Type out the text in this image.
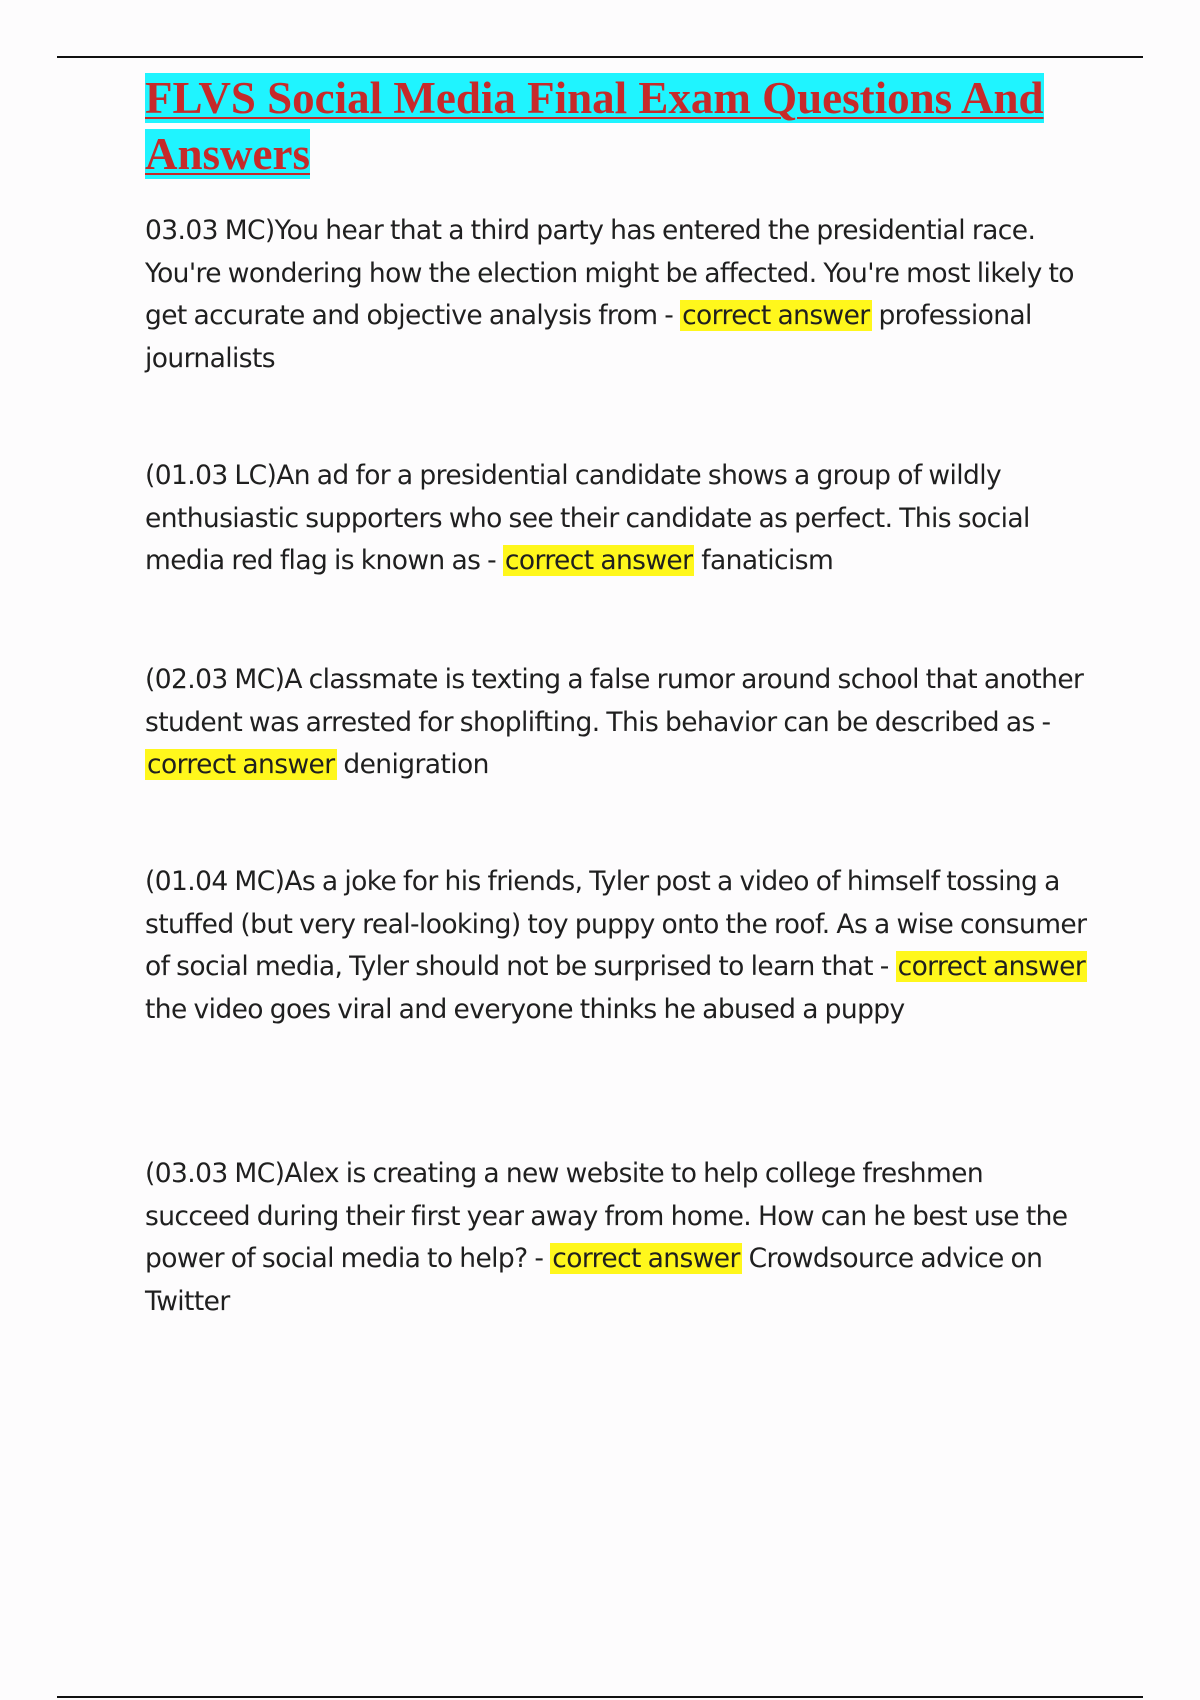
FLVS Social Media Final Exam Questions And Answers

03.03 MC)You hear that a third party has entered the presidential race. You're wondering how the election might be affected. You're most likely to get accurate and objective analysis from - correct answer professional journalists

(01.03 LC)An ad for a presidential candidate shows a group of wildly enthusiastic supporters who see their candidate as perfect. This social media red flag is known as - correct answer fanaticism

(02.03 MC)A classmate is texting a false rumor around school that another student was arrested for shoplifting. This behavior can be described as - correct answer denigration

(01.04 MC)As a joke for his friends, Tyler post a video of himself tossing a stuffed (but very real-looking) toy puppy onto the roof. As a wise consumer of social media, Tyler should not be surprised to learn that - correct answer the video goes viral and everyone thinks he abused a puppy

(03.03 MC)Alex is creating a new website to help college freshmen succeed during their first year away from home. How can he best use the power of social media to help? - correct answer Crowdsource advice on Twitter
